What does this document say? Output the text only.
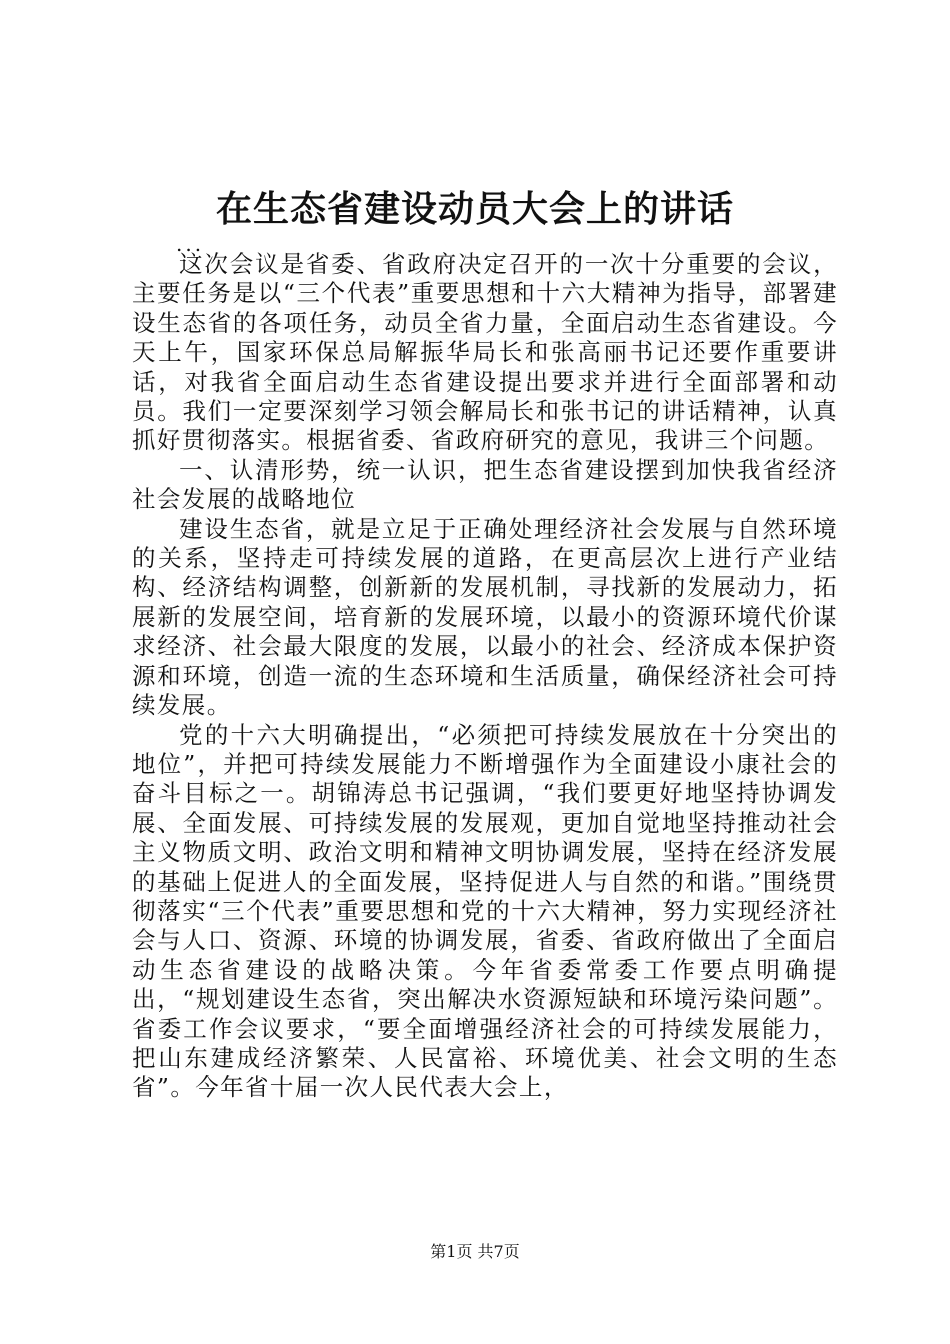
在生态省建设动员大会上的讲话
...

这次会议是省委、省政府决定召开的一次十分重要的会议，主要任务是以“三个代表”重要思想和十六大精神为指导，部署建设生态省的各项任务，动员全省力量，全面启动生态省建设。今天上午，国家环保总局解振华局长和张高丽书记还要作重要讲话，对我省全面启动生态省建设提出要求并进行全面部署和动员。我们一定要深刻学习领会解局长和张书记的讲话精神，认真抓好贯彻落实。根据省委、省政府研究的意见，我讲三个问题。

一、认清形势，统一认识，把生态省建设摆到加快我省经济社会发展的战略地位

建设生态省，就是立足于正确处理经济社会发展与自然环境的关系，坚持走可持续发展的道路，在更高层次上进行产业结构、经济结构调整，创新新的发展机制，寻找新的发展动力，拓展新的发展空间，培育新的发展环境，以最小的资源环境代价谋求经济、社会最大限度的发展，以最小的社会、经济成本保护资源和环境，创造一流的生态环境和生活质量，确保经济社会可持续发展。

党的十六大明确提出，“必须把可持续发展放在十分突出的地位”，并把可持续发展能力不断增强作为全面建设小康社会的奋斗目标之一。胡锦涛总书记强调，“我们要更好地坚持协调发展、全面发展、可持续发展的发展观，更加自觉地坚持推动社会主义物质文明、政治文明和精神文明协调发展，坚持在经济发展的基础上促进人的全面发展，坚持促进人与自然的和谐。”围绕贯彻落实“三个代表”重要思想和党的十六大精神，努力实现经济社会与人口、资源、环境的协调发展，省委、省政府做出了全面启动生态省建设的战略决策。今年省委常委工作要点明确提出，“规划建设生态省，突出解决水资源短缺和环境污染问题”。省委工作会议要求，“要全面增强经济社会的可持续发展能力，把山东建成经济繁荣、人民富裕、环境优美、社会文明的生态省”。今年省十届一次人民代表大会上，

第1页 共7页
